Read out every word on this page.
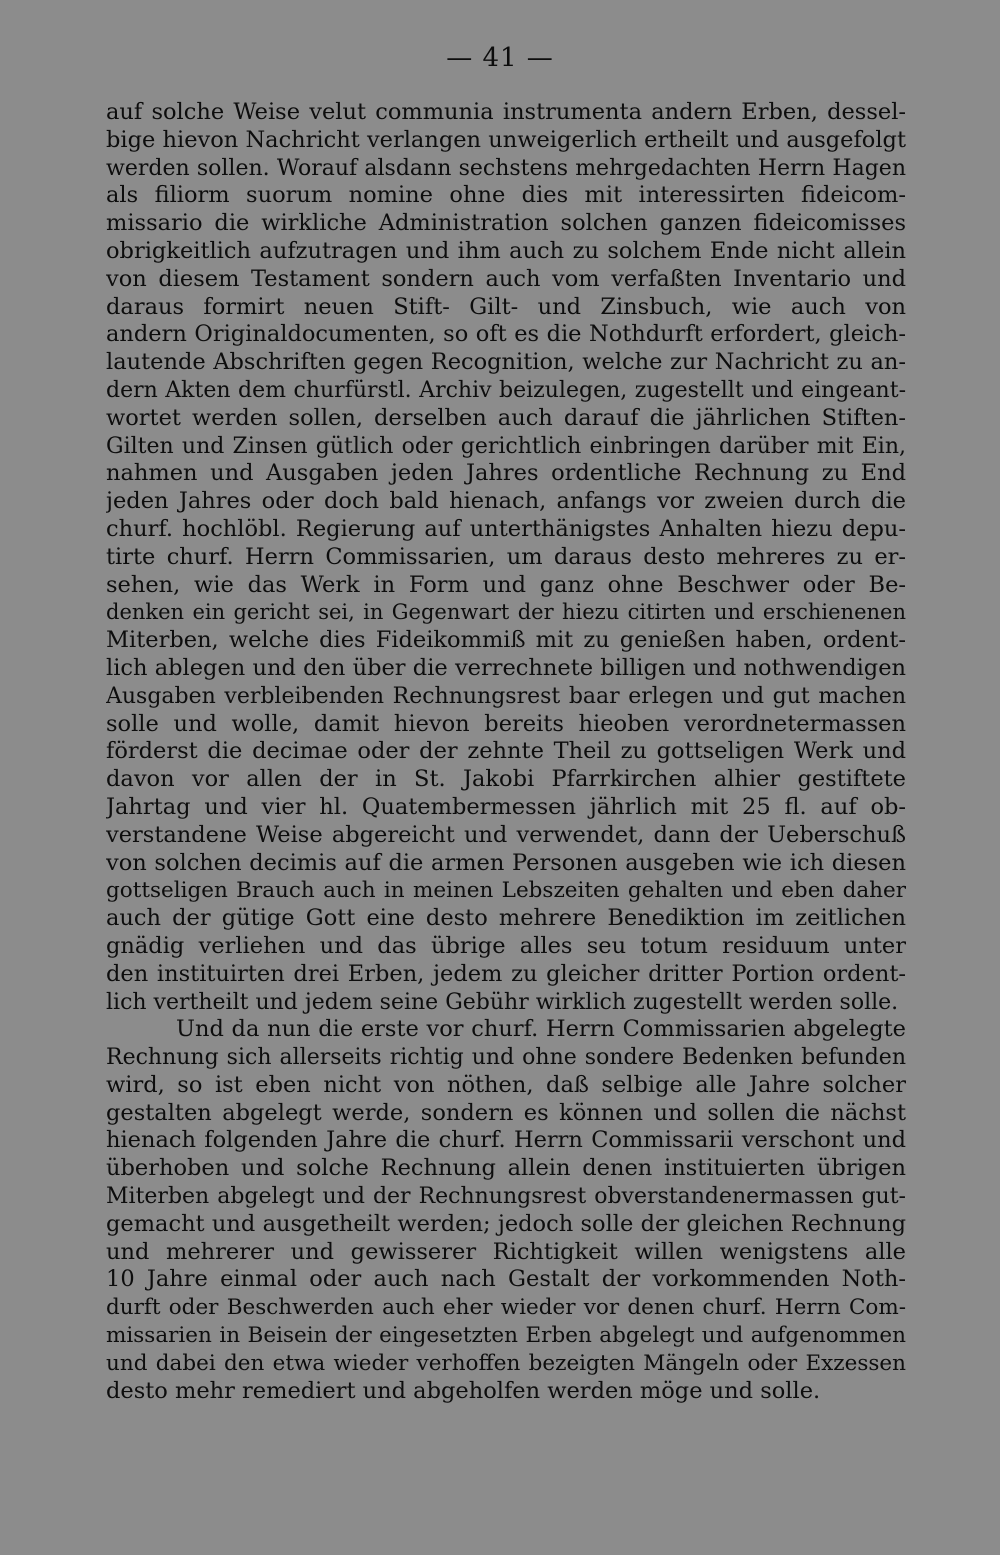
— 41 —
auf solche Weise velut communia instrumenta andern Erben, dessel-
bige hievon Nachricht verlangen unweigerlich ertheilt und ausgefolgt
werden sollen. Worauf alsdann sechstens mehrgedachten Herrn Hagen
als filiorm suorum nomine ohne dies mit interessirten fideicom-
missario die wirkliche Administration solchen ganzen fideicomisses
obrigkeitlich aufzutragen und ihm auch zu solchem Ende nicht allein
von diesem Testament sondern auch vom verfaßten Inventario und
daraus formirt neuen Stift- Gilt- und Zinsbuch, wie auch von
andern Originaldocumenten, so oft es die Nothdurft erfordert, gleich-
lautende Abschriften gegen Recognition, welche zur Nachricht zu an-
dern Akten dem churfürstl. Archiv beizulegen, zugestellt und eingeant-
wortet werden sollen, derselben auch darauf die jährlichen Stiften-
Gilten und Zinsen gütlich oder gerichtlich einbringen darüber mit Ein,
nahmen und Ausgaben jeden Jahres ordentliche Rechnung zu End
jeden Jahres oder doch bald hienach, anfangs vor zweien durch die
churf. hochlöbl. Regierung auf unterthänigstes Anhalten hiezu depu-
tirte churf. Herrn Commissarien, um daraus desto mehreres zu er-
sehen, wie das Werk in Form und ganz ohne Beschwer oder Be-
denken ein gericht sei, in Gegenwart der hiezu citirten und erschienenen
Miterben, welche dies Fideikommiß mit zu genießen haben, ordent-
lich ablegen und den über die verrechnete billigen und nothwendigen
Ausgaben verbleibenden Rechnungsrest baar erlegen und gut machen
solle und wolle, damit hievon bereits hieoben verordnetermassen
förderst die decimae oder der zehnte Theil zu gottseligen Werk und
davon vor allen der in St. Jakobi Pfarrkirchen alhier gestiftete
Jahrtag und vier hl. Quatembermessen jährlich mit 25 fl. auf ob-
verstandene Weise abgereicht und verwendet, dann der Ueberschuß
von solchen decimis auf die armen Personen ausgeben wie ich diesen
gottseligen Brauch auch in meinen Lebszeiten gehalten und eben daher
auch der gütige Gott eine desto mehrere Benediktion im zeitlichen
gnädig verliehen und das übrige alles seu totum residuum unter
den instituirten drei Erben, jedem zu gleicher dritter Portion ordent-
lich vertheilt und jedem seine Gebühr wirklich zugestellt werden solle.
Und da nun die erste vor churf. Herrn Commissarien abgelegte
Rechnung sich allerseits richtig und ohne sondere Bedenken befunden
wird, so ist eben nicht von nöthen, daß selbige alle Jahre solcher
gestalten abgelegt werde, sondern es können und sollen die nächst
hienach folgenden Jahre die churf. Herrn Commissarii verschont und
überhoben und solche Rechnung allein denen instituierten übrigen
Miterben abgelegt und der Rechnungsrest obverstandenermassen gut-
gemacht und ausgetheilt werden; jedoch solle der gleichen Rechnung
und mehrerer und gewisserer Richtigkeit willen wenigstens alle
10 Jahre einmal oder auch nach Gestalt der vorkommenden Noth-
durft oder Beschwerden auch eher wieder vor denen churf. Herrn Com-
missarien in Beisein der eingesetzten Erben abgelegt und aufgenommen
und dabei den etwa wieder verhoffen bezeigten Mängeln oder Exzessen
desto mehr remediert und abgeholfen werden möge und solle.
